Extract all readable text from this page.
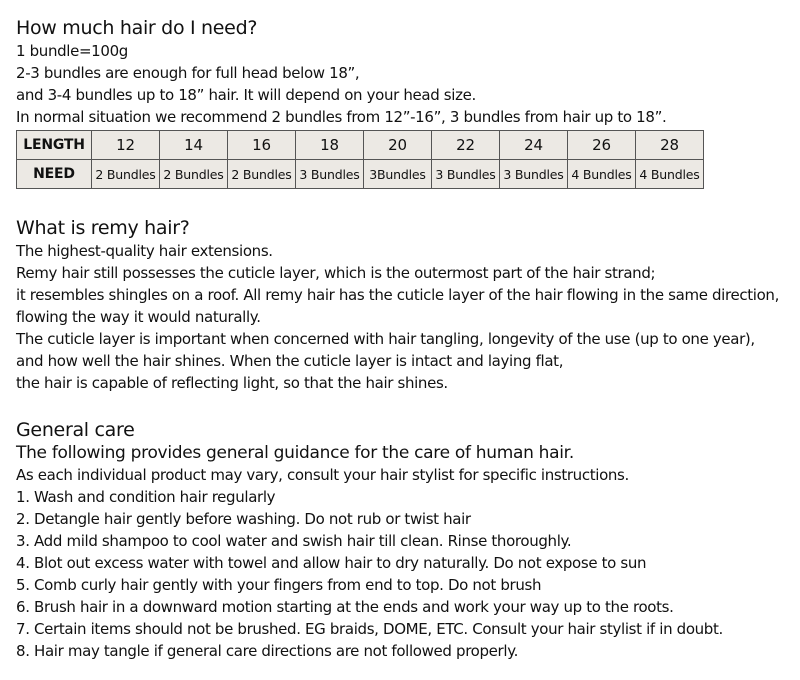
How much hair do I need?

1 bundle=100g

2-3 bundles are enough for full head below 18”,

and 3-4 bundles up to 18” hair. It will depend on your head size.

In normal situation we recommend 2 bundles from 12”-16”, 3 bundles from hair up to 18”.

LENGTH	12	14	16	18	20	22	24	26	28
NEED	2 Bundles	2 Bundles	2 Bundles	3 Bundles	3Bundles	3 Bundles	3 Bundles	4 Bundles	4 Bundles
What is remy hair?

The highest-quality hair extensions.

Remy hair still possesses the cuticle layer, which is the outermost part of the hair strand;

it resembles shingles on a roof. All remy hair has the cuticle layer of the hair flowing in the same direction,

flowing the way it would naturally.

The cuticle layer is important when concerned with hair tangling, longevity of the use (up to one year),

and how well the hair shines. When the cuticle layer is intact and laying flat,

the hair is capable of reflecting light, so that the hair shines.

General care

The following provides general guidance for the care of human hair.

As each individual product may vary, consult your hair stylist for specific instructions.

1. Wash and condition hair regularly

2. Detangle hair gently before washing. Do not rub or twist hair

3. Add mild shampoo to cool water and swish hair till clean. Rinse thoroughly.

4. Blot out excess water with towel and allow hair to dry naturally. Do not expose to sun

5. Comb curly hair gently with your fingers from end to top. Do not brush

6. Brush hair in a downward motion starting at the ends and work your way up to the roots.

7. Certain items should not be brushed. EG braids, DOME, ETC. Consult your hair stylist if in doubt.

8. Hair may tangle if general care directions are not followed properly.
